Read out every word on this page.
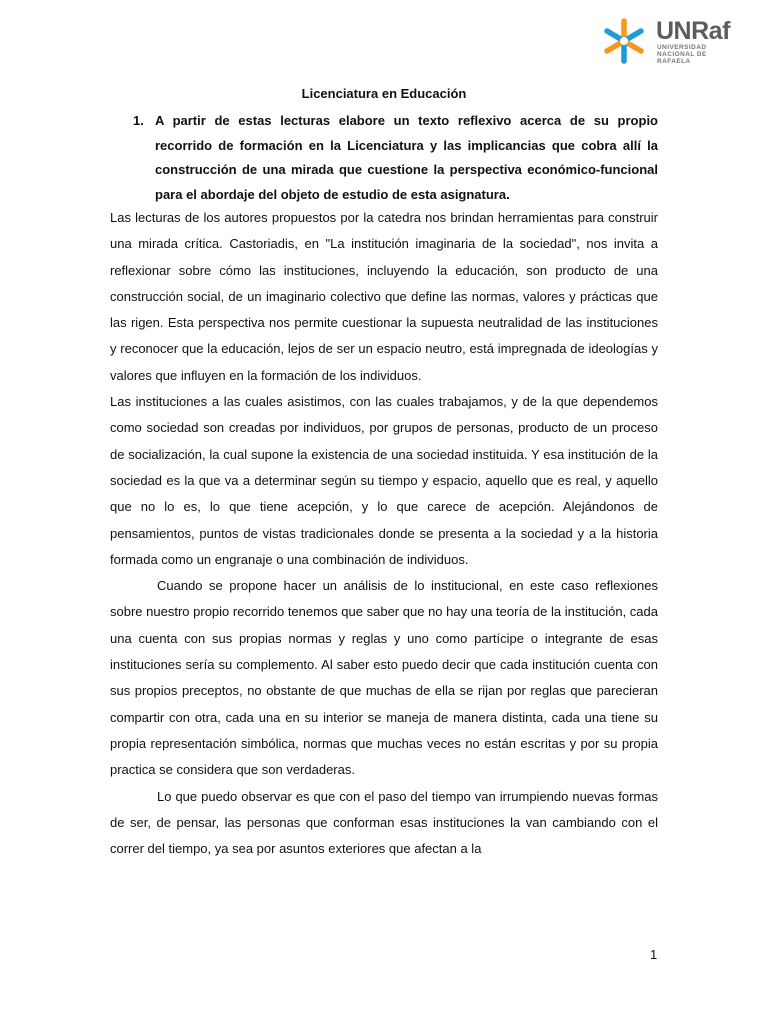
UNRaf
UNIVERSIDAD
NACIONAL DE
RAFAELA
Licenciatura en Educación
1. A partir de estas lecturas elabore un texto reflexivo acerca de su propio recorrido de formación en la Licenciatura y las implicancias que cobra allí la construcción de una mirada que cuestione la perspectiva económico-funcional para el abordaje del objeto de estudio de esta asignatura.

Las lecturas de los autores propuestos por la catedra nos brindan herramientas para construir una mirada crítica. Castoriadis, en "La institución imaginaria de la sociedad", nos invita a reflexionar sobre cómo las instituciones, incluyendo la educación, son producto de una construcción social, de un imaginario colectivo que define las normas, valores y prácticas que las rigen. Esta perspectiva nos permite cuestionar la supuesta neutralidad de las instituciones y reconocer que la educación, lejos de ser un espacio neutro, está impregnada de ideologías y valores que influyen en la formación de los individuos.

Las instituciones a las cuales asistimos, con las cuales trabajamos, y de la que dependemos como sociedad son creadas por individuos, por grupos de personas, producto de un proceso de socialización, la cual supone la existencia de una sociedad instituida. Y esa institución de la sociedad es la que va a determinar según su tiempo y espacio, aquello que es real, y aquello que no lo es, lo que tiene acepción, y lo que carece de acepción. Alejándonos de pensamientos, puntos de vistas tradicionales donde se presenta a la sociedad y a la historia formada como un engranaje o una combinación de individuos.

Cuando se propone hacer un análisis de lo institucional, en este caso reflexiones sobre nuestro propio recorrido tenemos que saber que no hay una teoría de la institución, cada una cuenta con sus propias normas y reglas y uno como partícipe o integrante de esas instituciones sería su complemento. Al saber esto puedo decir que cada institución cuenta con sus propios preceptos, no obstante de que muchas de ella se rijan por reglas que parecieran compartir con otra, cada una en su interior se maneja de manera distinta, cada una tiene su propia representación simbólica, normas que muchas veces no están escritas y por su propia practica se considera que son verdaderas.

Lo que puedo observar es que con el paso del tiempo van irrumpiendo nuevas formas de ser, de pensar, las personas que conforman esas instituciones la van cambiando con el correr del tiempo, ya sea por asuntos exteriores que afectan a la

1
